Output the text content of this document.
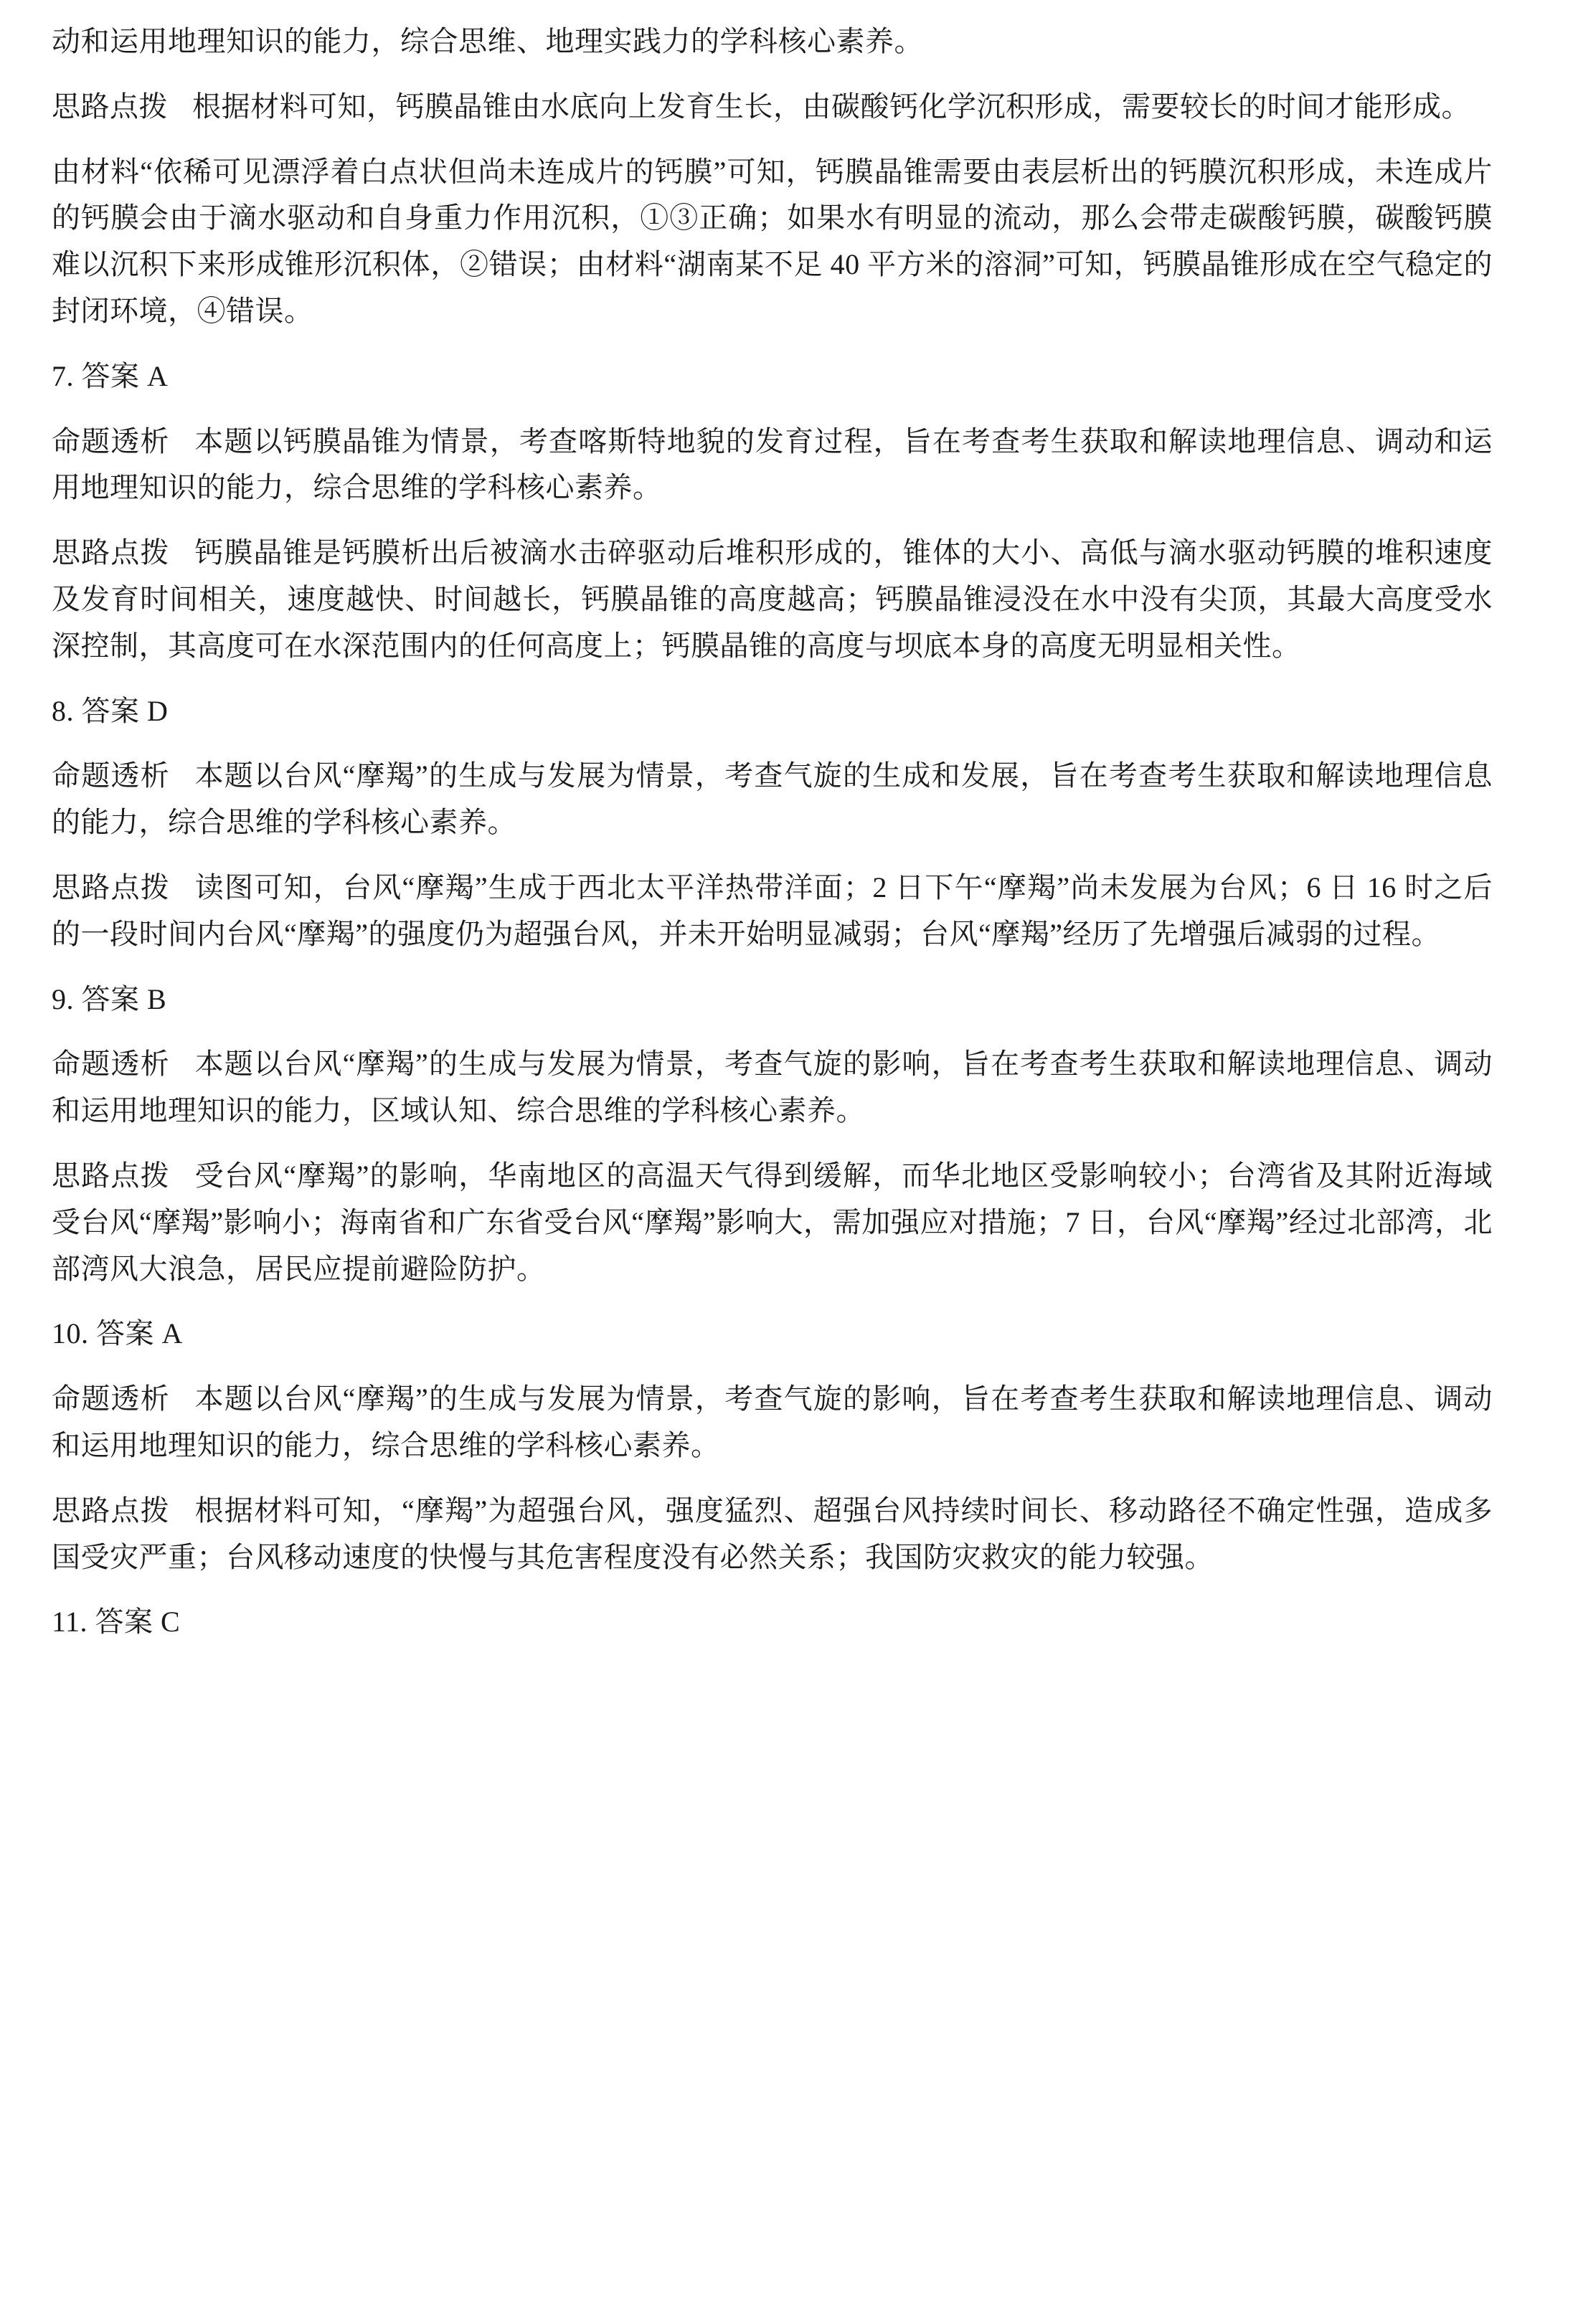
动和运用地理知识的能力，综合思维、地理实践力的学科核心素养。

思路点拨 根据材料可知，钙膜晶锥由水底向上发育生长，由碳酸钙化学沉积形成，需要较长的时间才能形成。

由材料“依稀可见漂浮着白点状但尚未连成片的钙膜”可知，钙膜晶锥需要由表层析出的钙膜沉积形成，未连成片的钙膜会由于滴水驱动和自身重力作用沉积，①③正确；如果水有明显的流动，那么会带走碳酸钙膜，碳酸钙膜难以沉积下来形成锥形沉积体，②错误；由材料“湖南某不足 40 平方米的溶洞”可知，钙膜晶锥形成在空气稳定的封闭环境，④错误。

7. 答案 A

命题透析 本题以钙膜晶锥为情景，考查喀斯特地貌的发育过程，旨在考查考生获取和解读地理信息、调动和运用地理知识的能力，综合思维的学科核心素养。

思路点拨 钙膜晶锥是钙膜析出后被滴水击碎驱动后堆积形成的，锥体的大小、高低与滴水驱动钙膜的堆积速度及发育时间相关，速度越快、时间越长，钙膜晶锥的高度越高；钙膜晶锥浸没在水中没有尖顶，其最大高度受水深控制，其高度可在水深范围内的任何高度上；钙膜晶锥的高度与坝底本身的高度无明显相关性。

8. 答案 D

命题透析 本题以台风“摩羯”的生成与发展为情景，考查气旋的生成和发展，旨在考查考生获取和解读地理信息的能力，综合思维的学科核心素养。

思路点拨 读图可知，台风“摩羯”生成于西北太平洋热带洋面；2 日下午“摩羯”尚未发展为台风；6 日 16 时之后的一段时间内台风“摩羯”的强度仍为超强台风，并未开始明显减弱；台风“摩羯”经历了先增强后减弱的过程。

9. 答案 B

命题透析 本题以台风“摩羯”的生成与发展为情景，考查气旋的影响，旨在考查考生获取和解读地理信息、调动和运用地理知识的能力，区域认知、综合思维的学科核心素养。

思路点拨 受台风“摩羯”的影响，华南地区的高温天气得到缓解，而华北地区受影响较小；台湾省及其附近海域受台风“摩羯”影响小；海南省和广东省受台风“摩羯”影响大，需加强应对措施；7 日，台风“摩羯”经过北部湾，北部湾风大浪急，居民应提前避险防护。

10. 答案 A

命题透析 本题以台风“摩羯”的生成与发展为情景，考查气旋的影响，旨在考查考生获取和解读地理信息、调动和运用地理知识的能力，综合思维的学科核心素养。

思路点拨 根据材料可知，“摩羯”为超强台风，强度猛烈、超强台风持续时间长、移动路径不确定性强，造成多国受灾严重；台风移动速度的快慢与其危害程度没有必然关系；我国防灾救灾的能力较强。

11. 答案 C
